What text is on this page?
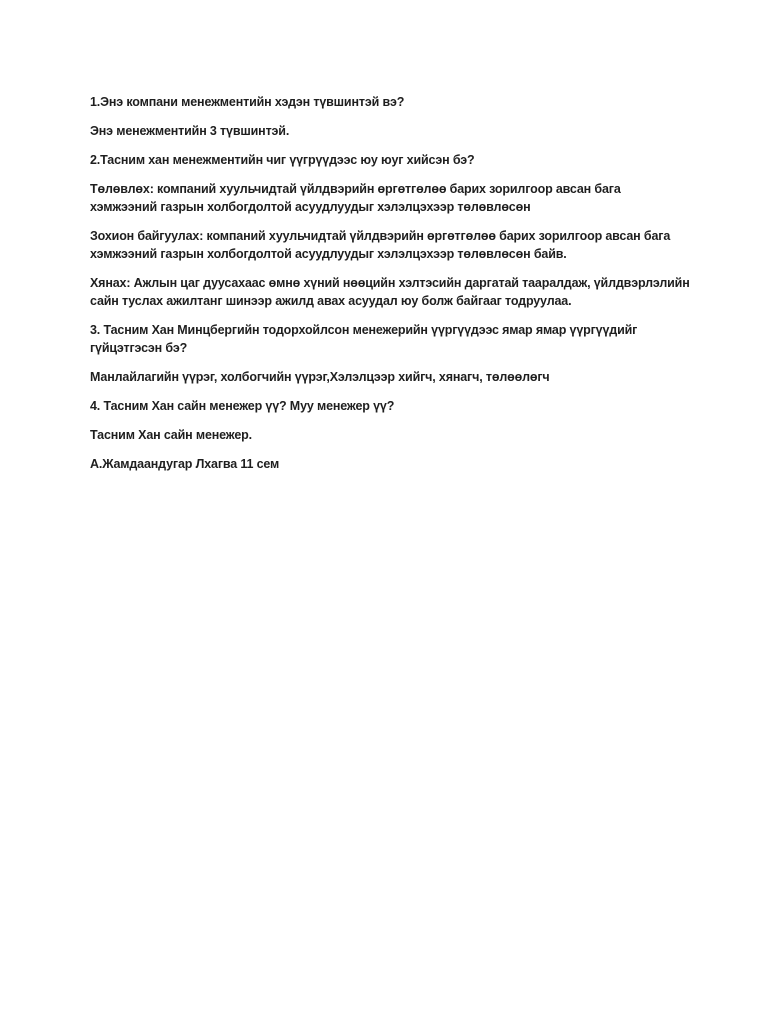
1.Энэ компани менежментийн хэдэн түвшинтэй вэ?

Энэ менежментийн 3 түвшинтэй.

2.Тасним хан менежментийн чиг үүгрүүдээс юу юуг хийсэн бэ?

Төлөвлөх: компаний хуульчидтай үйлдвэрийн өргөтгөлөө барих зорилгоор авсан бага хэмжээний газрын холбогдолтой асуудлуудыг хэлэлцэхээр төлөвлөсөн

Зохион байгуулах: компаний хуульчидтай үйлдвэрийн өргөтгөлөө барих зорилгоор авсан бага хэмжээний газрын холбогдолтой асуудлуудыг хэлэлцэхээр төлөвлөсөн байв.

Хянах: Ажлын цаг дуусахаас өмнө хүний нөөцийн хэлтэсийн даргатай таарaлдаж, үйлдвэрлэлийн сайн туслах ажилтанг шинээр ажилд авах асуудал юу болж байгааг тодруулаа.

3. Тасним Хан Минцбергийн тодорхойлсон менежерийн үүргүүдээс ямар ямар үүргүүдийг гүйцэтгэсэн бэ?

Манлайлагийн үүрэг, холбогчийн үүрэг,Хэлэлцээр хийгч, хянагч, төлөөлөгч

4. Тасним Хан сайн менежер үү? Муу менежер үү?

Тасним Хан сайн менежер.

А.Жамдаандугар Лхагва 11 сем
